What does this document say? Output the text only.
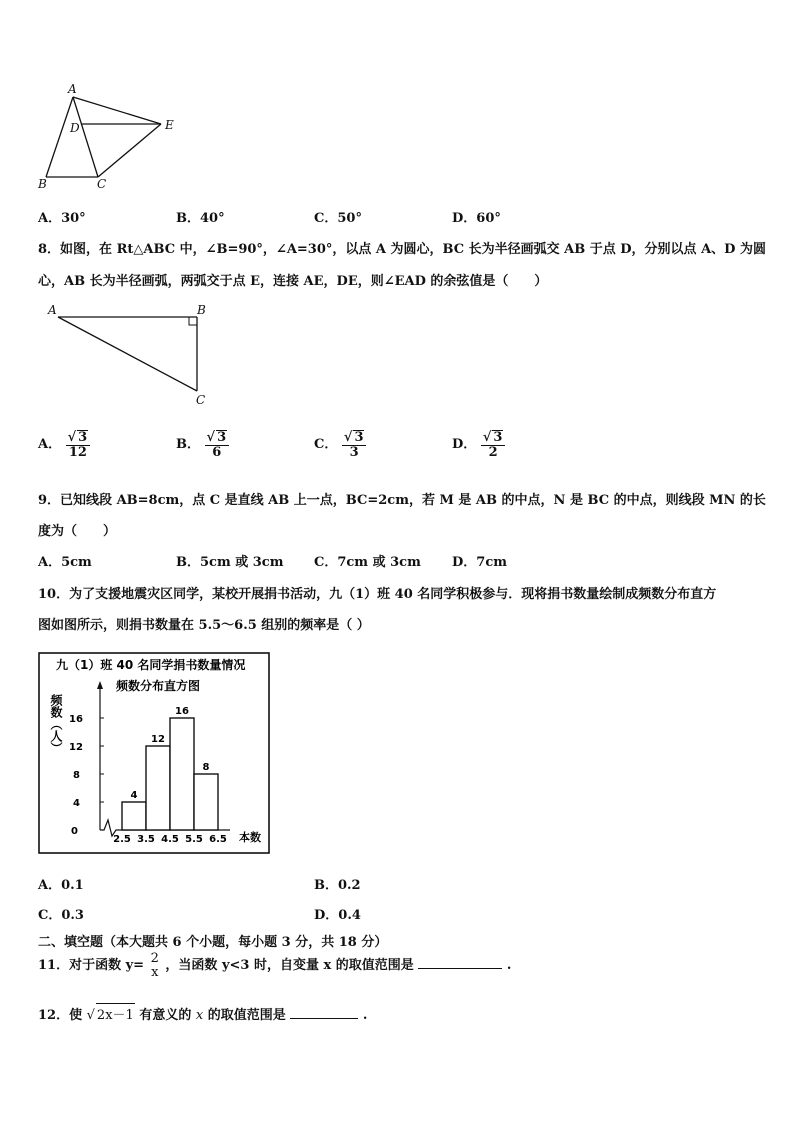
A
D	E
B	C
A．30°	B．40°	C．50°	D．60°
8．如图，在 Rt△ABC 中，∠B=90°，∠A=30°，以点 A 为圆心，BC 长为半径画弧交 AB 于点 D，分别以点 A、D 为圆
心，AB 长为半径画弧，两弧交于点 E，连接 AE，DE，则∠EAD 的余弦值是（　　）
A	B
C
A． $\frac{√ 3}{12}$	B． $\frac{√ 3}{6}$	C． $\frac{√ 3}{3}$	D． $\frac{√ 3}{2}$
9．已知线段 AB=8cm，点 C 是直线 AB 上一点，BC=2cm，若 M 是 AB 的中点，N 是 BC 的中点，则线段 MN 的长
度为（　　）
A．5cm	B．5cm 或 3cm C．7cm 或 3cm D．7cm
10．为了支援地震灾区同学，某校开展捐书活动，九（1）班 40 名同学积极参与．现将捐书数量绘制成频数分布直方
图如图所示，则捐书数量在 5.5～6.5 组别的频率是（ ）
九（1）班 40 名同学捐书数量情况
频数分布直方图
频数（人）
本数
0
4
8
12
16
4
12
16
8
2.5 3.5 4.5 5.5 6.5
A．0.1	B．0.2
C．0.3	D．0.4
二、填空题（本大题共 6 个小题，每小题 3 分，共 18 分）
11．对于函数 y= 2
x ，当函数 y<3 时，自变量 x 的取值范围是	.
12．使 √ 2x－1 有意义的 x 的取值范围是	.
